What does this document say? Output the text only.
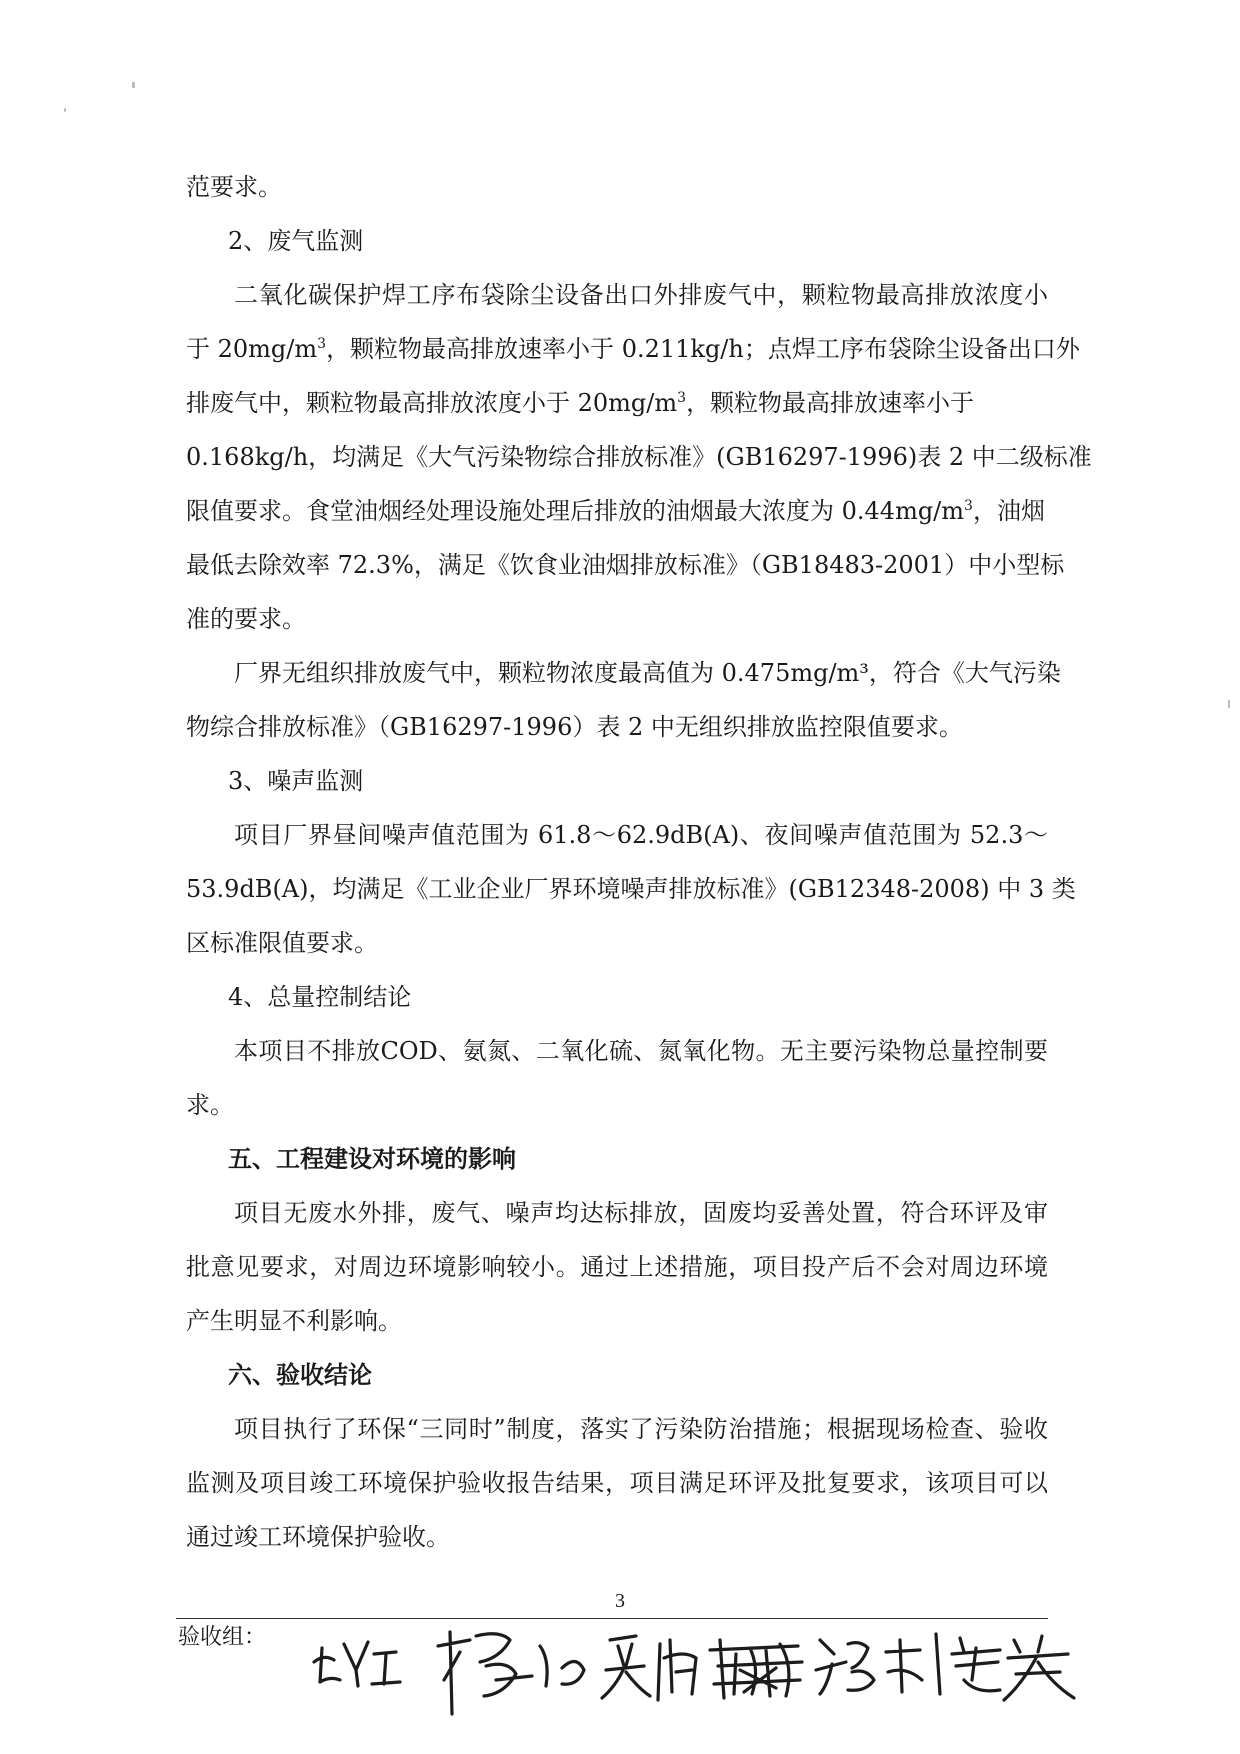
范要求。
2、废气监测
二氧化碳保护焊工序布袋除尘设备出口外排废气中，颗粒物最高排放浓度小
于 $20mg/m^3$，颗粒物最高排放速率小于 0.211kg/h；点焊工序布袋除尘设备出口外
排废气中，颗粒物最高排放浓度小于 $20mg/m^3$，颗粒物最高排放速率小于
0.168kg/h，均满足《大气污染物综合排放标准》(GB16297-1996)表 2 中二级标准
限值要求。食堂油烟经处理设施处理后排放的油烟最大浓度为 $0.44mg/m^3$，油烟
最低去除效率 72.3%，满足《饮食业油烟排放标准》（GB18483-2001）中小型标
准的要求。
厂界无组织排放废气中，颗粒物浓度最高值为 0.475mg/m³，符合《大气污染
物综合排放标准》（GB16297-1996）表 2 中无组织排放监控限值要求。
3、噪声监测
项目厂界昼间噪声值范围为 61.8～62.9dB(A)、夜间噪声值范围为 52.3～
53.9dB(A)，均满足《工业企业厂界环境噪声排放标准》(GB12348-2008) 中 3 类
区标准限值要求。
4、总量控制结论
本项目不排放COD、氨氮、二氧化硫、氮氧化物。无主要污染物总量控制要
求。
五、工程建设对环境的影响
项目无废水外排，废气、噪声均达标排放，固废均妥善处置，符合环评及审
批意见要求，对周边环境影响较小。通过上述措施，项目投产后不会对周边环境
产生明显不利影响。
六、验收结论
项目执行了环保“三同时”制度，落实了污染防治措施；根据现场检查、验收
监测及项目竣工环境保护验收报告结果，项目满足环评及批复要求，该项目可以
通过竣工环境保护验收。
3
验收组：
